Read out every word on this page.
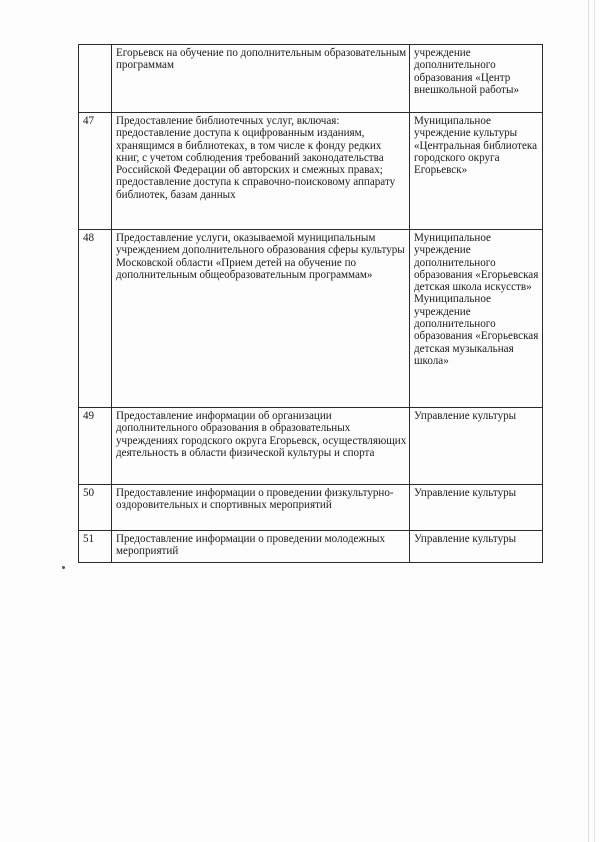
	Егорьевск на обучение по дополнительным образовательным программам	учреждение дополнительного образования «Центр внешкольной работы»

47	Предоставление библиотечных услуг, включая: предоставление доступа к оцифрованным изданиям, хранящимся в библиотеках, в том числе к фонду редких книг, с учетом соблюдения требований законодательства Российской Федерации об авторских и смежных правах; предоставление доступа к справочно-поисковому аппарату библиотек, базам данных	Муниципальное учреждение культуры «Центральная библиотека городского округа Егорьевск»

48	Предоставление услуги, оказываемой муниципальным учреждением дополнительного образования сферы культуры Московской области «Прием детей на обучение по дополнительным общеобразовательным программам»	Муниципальное учреждение дополнительного образования «Егорьевская детская школа искусств»
Муниципальное учреждение дополнительного образования «Егорьевская детская музыкальная школа»

49	Предоставление информации об организации дополнительного образования в образовательных учреждениях городского округа Егорьевск, осуществляющих деятельность в области физической культуры и спорта	Управление культуры

50	Предоставление информации о проведении физкультурно-оздоровительных и спортивных мероприятий	Управление культуры

51	Предоставление информации о проведении молодежных мероприятий	Управление культуры
